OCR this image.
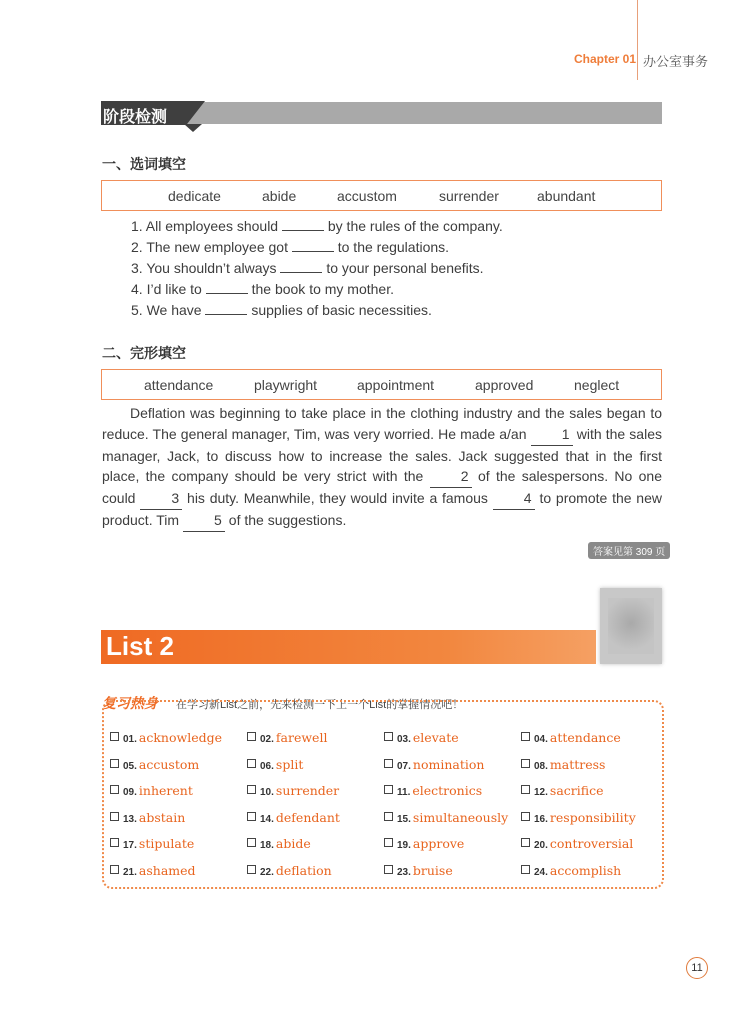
Chapter 01 办公室事务
阶段检测
一、选词填空
dedicate	abide	accustom	surrender	abundant
1. All employees should	by the rules of the company.
2. The new employee got	to the regulations.
3. You shouldn’t always	to your personal benefits.
4. I’d like to	the book to my mother.
5. We have	supplies of basic necessities.
二、完形填空
attendance	playwright	appointment	approved	neglect

Deflation was beginning to take place in the clothing industry and the sales began to reduce. The general manager, Tim, was very worried. He made a/an 1 with the sales manager, Jack, to discuss how to increase the sales. Jack suggested that in the first place, the company should be very strict with the 2 of the salespersons. No one could 3 his duty. Meanwhile, they would invite a famous 4 to promote the new product. Tim 5 of the suggestions.

答案见第 309 页
List 2
复习热身 在学习新List之前，先来检测一下上一个List的掌握情况吧！
01. acknowledge	02. farewell	03. elevate	04. attendance
05. accustom	06. split	07. nomination	08. mattress
09. inherent	10. surrender	11. electronics	12. sacrifice
13. abstain	14. defendant	15. simultaneously	16. responsibility
17. stipulate	18. abide	19. approve	20. controversial
21. ashamed	22. deflation	23. bruise	24. accomplish
11
